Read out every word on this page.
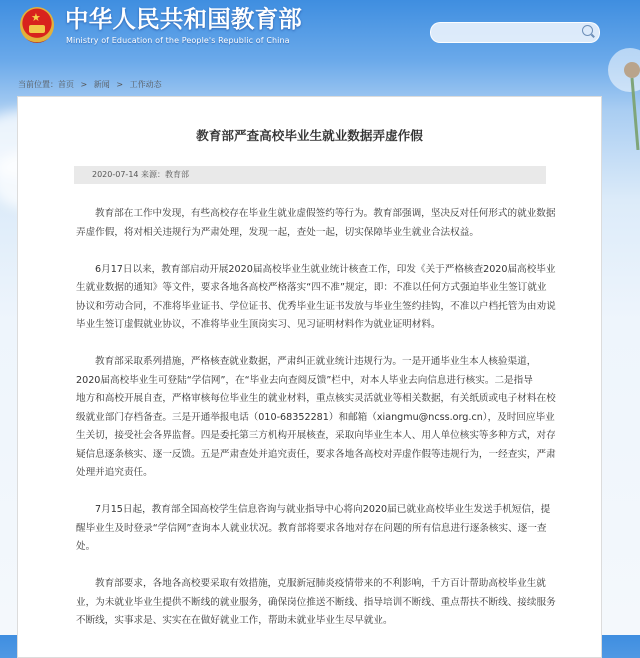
★ 中华人民共和国教育部
Ministry of Education of the People's Republic of China
当前位置：首页 > 新闻 > 工作动态
教育部严查高校毕业生就业数据弄虚作假
2020-07-14 来源：教育部
教育部在工作中发现，有些高校存在毕业生就业虚假签约等行为。教育部强调，坚决反对任何形式的就业数据
弄虚作假，将对相关违规行为严肃处理，发现一起，查处一起，切实保障毕业生就业合法权益。
6月17日以来，教育部启动开展2020届高校毕业生就业统计核查工作，印发《关于严格核查2020届高校毕业
生就业数据的通知》等文件，要求各地各高校严格落实“四不准”规定，即：不准以任何方式强迫毕业生签订就业
协议和劳动合同，不准将毕业证书、学位证书、优秀毕业生证书发放与毕业生签约挂钩，不准以户档托管为由劝说
毕业生签订虚假就业协议，不准将毕业生顶岗实习、见习证明材料作为就业证明材料。
教育部采取系列措施，严格核查就业数据，严肃纠正就业统计违规行为。一是开通毕业生本人核验渠道，
2020届高校毕业生可登陆“学信网”，在“毕业去向查阅反馈”栏中，对本人毕业去向信息进行核实。二是指导
地方和高校开展自查，严格审核每位毕业生的就业材料，重点核实灵活就业等相关数据，有关纸质或电子材料在校
级就业部门存档备查。三是开通举报电话（010-68352281）和邮箱（xiangmu@ncss.org.cn），及时回应毕业
生关切，接受社会各界监督。四是委托第三方机构开展核查，采取向毕业生本人、用人单位核实等多种方式，对存
疑信息逐条核实、逐一反馈。五是严肃查处并追究责任，要求各地各高校对弄虚作假等违规行为，一经查实，严肃
处理并追究责任。
7月15日起，教育部全国高校学生信息咨询与就业指导中心将向2020届已就业高校毕业生发送手机短信，提
醒毕业生及时登录“学信网”查询本人就业状况。教育部将要求各地对存在问题的所有信息进行逐条核实、逐一查
处。
教育部要求，各地各高校要采取有效措施，克服新冠肺炎疫情带来的不利影响，千方百计帮助高校毕业生就
业，为未就业毕业生提供不断线的就业服务，确保岗位推送不断线、指导培训不断线、重点帮扶不断线、接续服务
不断线，实事求是、实实在在做好就业工作，帮助未就业毕业生尽早就业。
